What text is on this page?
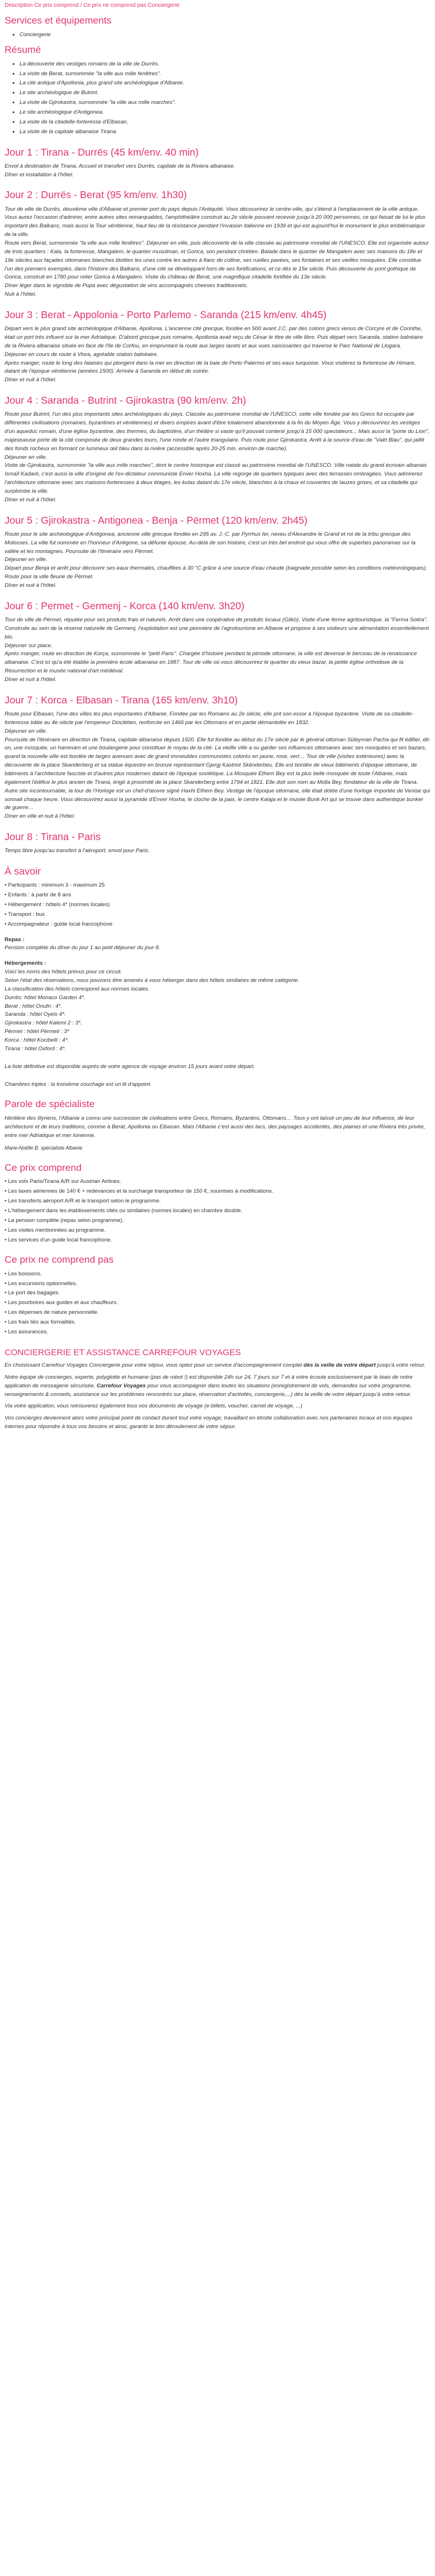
Description Ce prix comprend / Ce prix ne comprend pas Conciergerie
Services et équipements
• Conciergerie
Résumé
• La découverte des vestiges romains de la ville de Durrës.
• La visite de Berat, surnommée "la ville aux mille fenêtres".
• La cité antique d'Apollonia, plus grand site archéologique d'Albanie.
• Le site archéologique de Butrint.
• La visite de Gjirokastra, surnommée "la ville aux mille marches".
• Le site archéologique d'Antigonea.
• La visite de la citadelle-forteresse d'Elbasan.
• La visite de la capitale albanaise Tirana.
Jour 1 : Tirana - Durrës (45 km/env. 40 min)
Envol à destination de Tirana. Accueil et transfert vers Durrës, capitale de la Riviera albanaise.
Dîner et installation à l'hôtel.
Jour 2 : Durrës - Berat (95 km/env. 1h30)
Tour de ville de Durrës, deuxième ville d'Albanie et premier port du pays depuis l'Antiquité. Vous découvrirez le centre-ville, qui s'étend à l'emplacement de la ville antique. Vous aurez l'occasion d'admirer, entre autres sites remarquables, l'amphithéâtre construit au 2e siècle pouvant recevoir jusqu'à 20 000 personnes, ce qui faisait de lui le plus important des Balkans, mais aussi la Tour vénitienne, haut lieu de la résistance pendant l'invasion italienne en 1939 et qui est aujourd'hui le monument le plus emblématique de la ville.
Route vers Berat, surnommée "la ville aux mille fenêtres". Déjeuner en ville, puis découverte de la ville classée au patrimoine mondial de l'UNESCO. Elle est organisée autour de trois quartiers : Kala, la forteresse, Mangalem, le quartier musulman, et Gorica, son pendant chrétien. Balade dans le quartier de Mangalem avec ses maisons du 18e et 19e siècles aux façades ottomanes blanches blotties les unes contre les autres à flanc de colline, ses ruelles pavées, ses fontaines et ses vieilles mosquées. Elle constitue l'un des premiers exemples, dans l'histoire des Balkans, d'une cité se développant hors de ses fortifications, et ce dès le 15e siècle. Puis découverte du pont gothique de Gorica, construit en 1780 pour relier Gorica à Mangalem. Visite du château de Berat, une magnifique citadelle fortifiée du 13e siècle.
Dîner léger dans le vignoble de Pupa avec dégustation de vins accompagnés cheeses traditionnels.
Nuit à l'hôtel.
Jour 3 : Berat - Appolonia - Porto Parlemo - Saranda (215 km/env. 4h45)
Départ vers le plus grand site archéologique d'Albanie, Apollonia. L'ancienne cité grecque, fondée en 500 avant J.C. par des colons grecs venus de Corcyre et de Corinthe, était un port très influent sur la mer Adriatique. D'abord grecque puis romaine, Apollonia avait reçu de César le titre de ville libre. Puis départ vers Saranda, station balnéaire de la Riviera albanaise située en face de l'île de Corfou, en empruntant la route aux larges lacets et aux vues saisissantes qui traverse le Parc National de Llogara.
Déjeuner en cours de route à Vlora, agréable station balnéaire.
Après manger, route le long des falaises qui plongent dans la mer en direction de la baie de Porto Palermo et ses eaux turquoise. Vous visiterez la forteresse de Himare, datant de l'époque vénitienne (années 1500). Arrivée à Saranda en début de soirée.
Dîner et nuit à l'hôtel.
Jour 4 : Saranda - Butrint - Gjirokastra (90 km/env. 2h)
Route pour Butrint, l'un des plus importants sites archéologiques du pays. Classée au patrimoine mondial de l'UNESCO, cette ville fondée par les Grecs fut occupée par différentes civilisations (romaines, byzantines et vénitiennes) et divers empires avant d'être totalement abandonnée à la fin du Moyen Âge. Vous y découvrirez les vestiges d'un aqueduc romain, d'une église byzantine, des thermes, du baptistère, d'un théâtre si vaste qu'il pouvait contenir jusqu'à 15 000 spectateurs... Mais aussi la "porte du Lion", majestueuse porte de la cité composée de deux grandes tours, l'une ronde et l'autre triangulaire. Puis route pour Gjirokastra. Arrêt à la source d'eau de "Vaët Blau", qui jaillit des fonds rocheux en formant ce lumineux œil bleu dans la rivière (accessible après 20-25 min. environ de marche).
Déjeuner en ville.
Visite de Gjirokastra, surnommée "la ville aux mille marches", dont le centre historique est classé au patrimoine mondial de l'UNESCO. Ville natale du grand écrivain albanais Ismaïl Kadaré, c'est aussi la ville d'origine de l'ex-dictateur communiste Enver Hoxha. La ville regorge de quartiers typiques avec des terrasses ombragées. Vous admirerez l'architecture ottomane avec ses maisons-forteresses à deux étages, les kulas datant du 17e siècle, blanchies à la chaux et couvertes de lauzes grises, et sa citadelle qui surplombe la ville.
Dîner et nuit à l'hôtel.
Jour 5 : Gjirokastra - Antigonea - Benja - Përmet (120 km/env. 2h45)
Route pour le site archéologique d'Antigonea, ancienne ville grecque fondée en 295 av. J.-C. par Pyrrhus Ier, neveu d'Alexandre le Grand et roi de la tribu grecque des Molosses. La ville fut nommée en l'honneur d'Antigone, sa défunte épouse. Au-delà de son histoire, c'est un très bel endroit qui vous offre de superbes panoramas sur la vallée et les montagnes. Poursuite de l'itinéraire vers Përmet.
Déjeuner en ville.
Départ pour Benja et arrêt pour découvrir ses eaux thermales, chauffées à 30 °C grâce à une source d'eau chaude (baignade possible selon les conditions météorologiques). Route pour la ville fleurie de Përmet.
Dîner et nuit à l'hôtel.
Jour 6 : Permet - Germenj - Korca (140 km/env. 3h20)
Tour de ville de Përmet, réputée pour ses produits frais et naturels. Arrêt dans une coopérative de produits locaux (Glikó). Visite d'une ferme agritouristique, la "Ferma Sotira". Construite au sein de la réserve naturelle de Germenj, l'exploitation est une pionnière de l'agrotourisme en Albanie et propose à ses visiteurs une alimentation essentiellement bio.
Déjeuner sur place.
Après manger, route en direction de Korça, surnommée le "petit Paris". Chargée d'histoire pendant la période ottomane, la ville est devenue le berceau de la renaissance albanaise. C'est ici qu'a été établie la première école albanaise en 1887. Tour de ville où vous découvrirez le quartier du vieux bazar, la petite église orthodoxe de la Résurrection et le musée national d'art médiéval.
Dîner et nuit à l'hôtel.
Jour 7 : Korca - Elbasan - Tirana (165 km/env. 3h10)
Route pour Elbasan, l'une des villes les plus importantes d'Albanie. Fondée par les Romains au 2e siècle, elle prit son essor à l'époque byzantine. Visite de sa citadelle-forteresse bâtie au 4e siècle par l'empereur Dioclétien, renforcée en 1466 par les Ottomans et en partie démantelée en 1832.
Déjeuner en ville.
Poursuite de l'itinéraire en direction de Tirana, capitale albanaise depuis 1920. Elle fut fondée au début du 17e siècle par le général ottoman Süleyman Pacha qui fit édifier, dit-on, une mosquée, un hammam et une boulangerie pour constituer le noyau de la cité. La vieille ville a su garder ses influences ottomanes avec ses mosquées et ses bazars, quand la nouvelle ville est bordée de larges avenues avec de grand immeubles communistes colorés en jaune, rose, vert… Tour de ville (visites extérieures) avec la découverte de la place Skanderberg et sa statue équestre en bronze représentant Gjergj Kastriot Skënderbeu. Elle est bordée de vieux bâtiments d'époque ottomane, de bâtiments à l'architecture fasciste et d'autres plus modernes datant de l'époque soviétique. La Mosquée Ethem Bey est la plus belle mosquée de toute l'Albanie, mais également l'édifice le plus ancien de Tirana, érigé à proximité de la place Skanderberg entre 1794 et 1821. Elle doit son nom au Molla Bey, fondateur de la ville de Tirana. Autre site incontournable, la tour de l'Horloge est un chef-d'œuvre signé Haxhi Ethem Bey. Vestige de l'époque ottomane, elle était dotée d'une horloge importée de Venise qui sonnait chaque heure. Vous découvrirez aussi la pyramide d'Enver Hoxha, le cloche de la paix, le centre Kalaja et le musée Bunk Art qui se trouve dans authentique bunker de guerre…
Dîner en ville et nuit à l'hôtel.
Jour 8 : Tirana - Paris
Temps libre jusqu'au transfert à l'aéroport, envol pour Paris.
À savoir
• Participants : minimum 3 - maximum 25
• Enfants : à partir de 8 ans
• Hébergement : hôtels 4* (normes locales)
• Transport : bus
• Accompagnateur : guide local francophone
Repas :
Pension complète du dîner du jour 1 au petit déjeuner du jour 8.
Hébergements :
Voici les noms des hôtels prévus pour ce circuit.
Selon l'état des réservations, nous pouvons être amenés à vous héberger dans des hôtels similaires de même catégorie.
La classification des hôtels correspond aux normes locales.
Durrës: hôtel Monaco Garden 4*.
Berat : hôtel Onufri : 4*.
Saranda : hôtel Oyeis 4*.
Gjirokastra : hôtel Kalemi 2 : 3*.
Përmet : hôtel Përmeti : 3*
Korca : hôtel Kocibelli : 4*.
Tirana : hôtel Oxford : 4*.
La liste définitive est disponible auprès de votre agence de voyage environ 15 jours avant votre départ.
Chambres triples : la troisième couchage est un lit d'appoint.
Parole de spécialiste
Héritière des Illyriens, l'Albanie a connu une succession de civilisations entre Grecs, Romains, Byzantins, Ottomans… Tous y ont laissé un peu de leur influence, de leur architecture et de leurs traditions, comme à Berat, Apollonia ou Elbasan. Mais l'Albanie c'est aussi des lacs, des paysages accidentés, des plaines et une Riviera très privée, entre mer Adriatique et mer Ionienne.
Marie-Noëlle B. spécialiste Albanie
Ce prix comprend
• Les vols Paris/Tirana A/R sur Austrian Airlines.
• Les taxes aériennes de 140 € + redevances et la surcharge transporteur de 150 €, soumises à modifications.
• Les transferts aéroport A/R et le transport selon le programme.
• L'hébergement dans les établissements cités ou similaires (normes locales) en chambre double.
• La pension complète (repas selon programme).
• Les visites mentionnées au programme.
• Les services d'un guide local francophone.
Ce prix ne comprend pas
• Les boissons.
• Les excursions optionnelles.
• Le port des bagages.
• Les pourboires aux guides et aux chauffeurs.
• Les dépenses de nature personnelle.
• Les frais liés aux formalités.
• Les assurances.
CONCIERGERIE ET ASSISTANCE CARREFOUR VOYAGES

En choisissant Carrefour Voyages Conciergerie pour votre séjour, vous optez pour un service d'accompagnement complet dès la veille de votre départ jusqu'à votre retour.

Notre équipe de concierges, experte, polyglotte et humaine (pas de robot !) est disponible 24h sur 24, 7 jours sur 7 et à votre écoute exclusivement par le biais de notre application de messagerie sécurisée, Carrefour Voyages pour vous accompagner dans toutes les situations (enregistrement de vols, demandes sur votre programme, renseignements & conseils, assistance sur les problèmes rencontrés sur place, réservation d'activités, conciergerie,...) dès la veille de votre départ jusqu'à votre retour.

Via votre application, vous retrouverez également tous vos documents de voyage (e-billets, voucher, carnet de voyage, ...)

Vos concierges deviennent alors votre principal point de contact durant tout votre voyage, travaillant en étroite collaboration avec nos partenaires locaux et nos équipes internes pour répondre à tous vos besoins et ainsi, garantir le bon déroulement de votre séjour.
